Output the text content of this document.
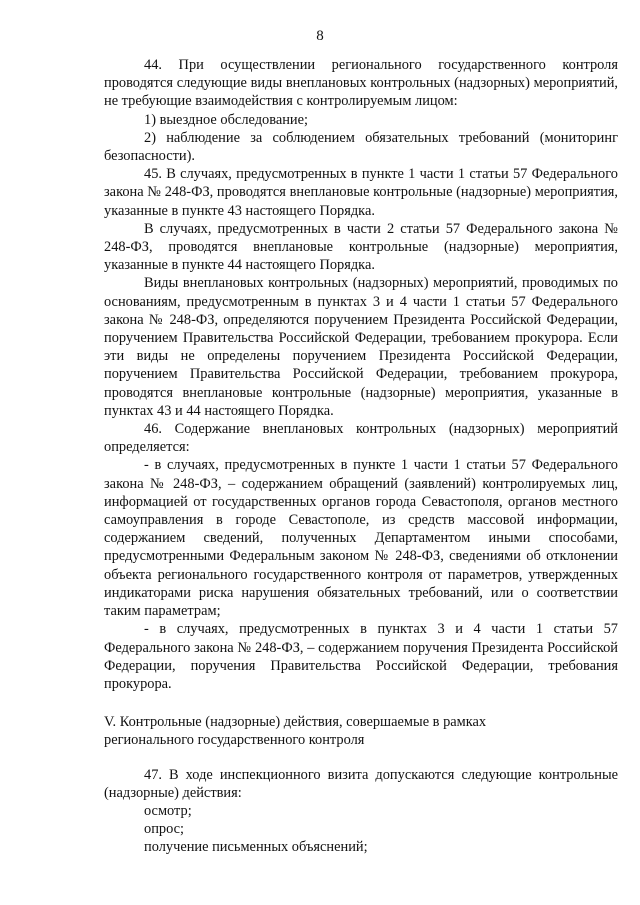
8

44. При осуществлении регионального государственного контроля проводятся следующие виды внеплановых контрольных (надзорных) мероприятий, не требующие взаимодействия с контролируемым лицом:

1) выездное обследование;

2) наблюдение за соблюдением обязательных требований (мониторинг безопасности).

45. В случаях, предусмотренных в пункте 1 части 1 статьи 57 Федерального закона № 248-ФЗ, проводятся внеплановые контрольные (надзорные) мероприятия, указанные в пункте 43 настоящего Порядка.

В случаях, предусмотренных в части 2 статьи 57 Федерального закона № 248-ФЗ, проводятся внеплановые контрольные (надзорные) мероприятия, указанные в пункте 44 настоящего Порядка.

Виды внеплановых контрольных (надзорных) мероприятий, проводимых по основаниям, предусмотренным в пунктах 3 и 4 части 1 статьи 57 Федерального закона № 248-ФЗ, определяются поручением Президента Российской Федерации, поручением Правительства Российской Федерации, требованием прокурора. Если эти виды не определены поручением Президента Российской Федерации, поручением Правительства Российской Федерации, требованием прокурора, проводятся внеплановые контрольные (надзорные) мероприятия, указанные в пунктах 43 и 44 настоящего Порядка.

46. Содержание внеплановых контрольных (надзорных) мероприятий определяется:

- в случаях, предусмотренных в пункте 1 части 1 статьи 57 Федерального закона № 248-ФЗ, – содержанием обращений (заявлений) контролируемых лиц, информацией от государственных органов города Севастополя, органов местного самоуправления в городе Севастополе, из средств массовой информации, содержанием сведений, полученных Департаментом иными способами, предусмотренными Федеральным законом № 248-ФЗ, сведениями об отклонении объекта регионального государственного контроля от параметров, утвержденных индикаторами риска нарушения обязательных требований, или о соответствии таким параметрам;

- в случаях, предусмотренных в пунктах 3 и 4 части 1 статьи 57 Федерального закона № 248-ФЗ, – содержанием поручения Президента Российской Федерации, поручения Правительства Российской Федерации, требования прокурора.

V. Контрольные (надзорные) действия, совершаемые в рамках
регионального государственного контроля

47. В ходе инспекционного визита допускаются следующие контрольные (надзорные) действия:

осмотр;

опрос;

получение письменных объяснений;
